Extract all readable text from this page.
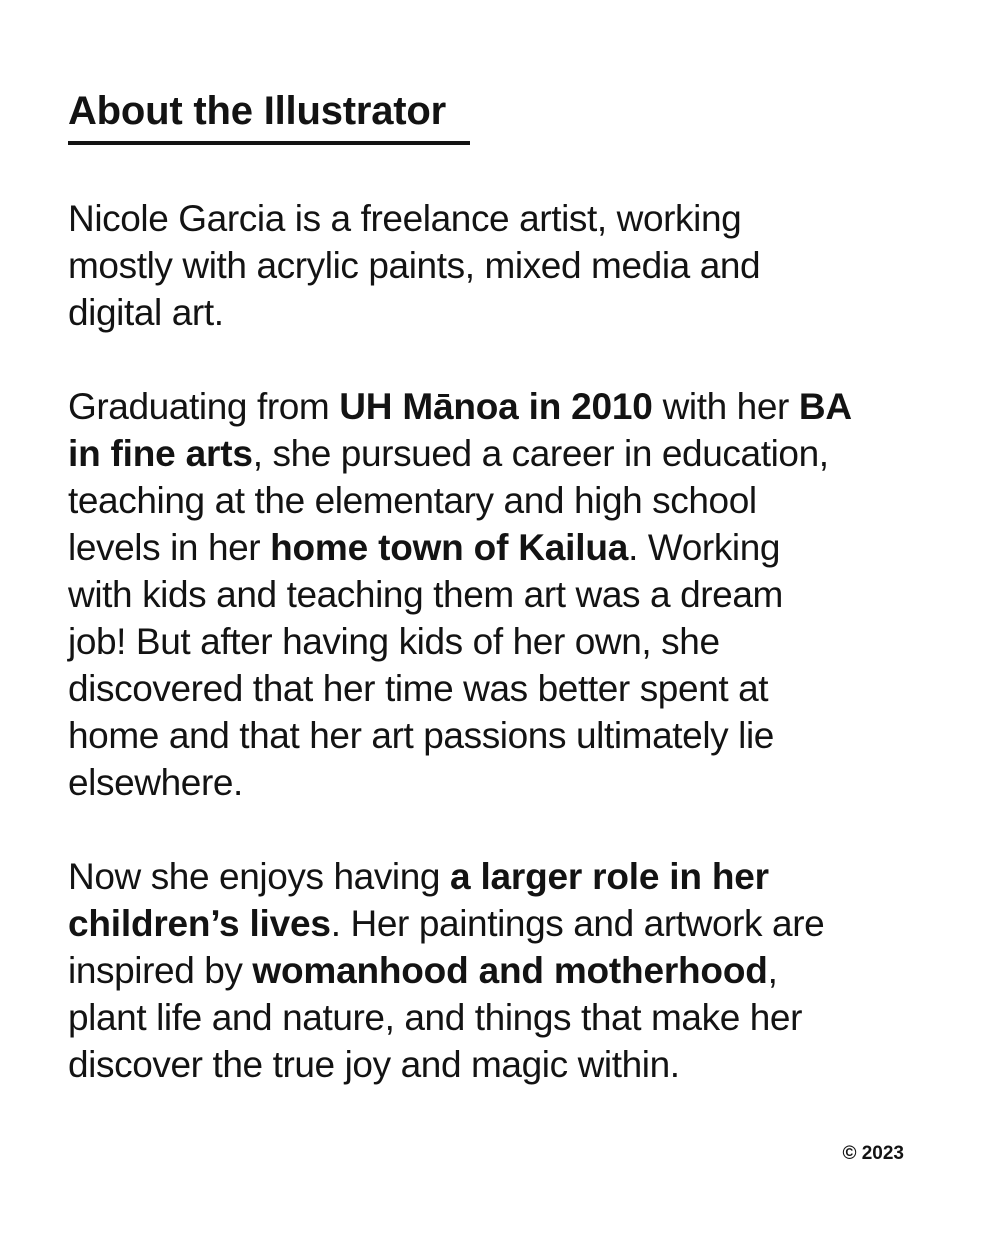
About the Illustrator
Nicole Garcia is a freelance artist, working
mostly with acrylic paints, mixed media and
digital art.
Graduating from UH Mānoa in 2010 with her BA
in fine arts, she pursued a career in education,
teaching at the elementary and high school
levels in her home town of Kailua. Working
with kids and teaching them art was a dream
job! But after having kids of her own, she
discovered that her time was better spent at
home and that her art passions ultimately lie
elsewhere.
Now she enjoys having a larger role in her
children’s lives. Her paintings and artwork are
inspired by womanhood and motherhood,
plant life and nature, and things that make her
discover the true joy and magic within.
© 2023
